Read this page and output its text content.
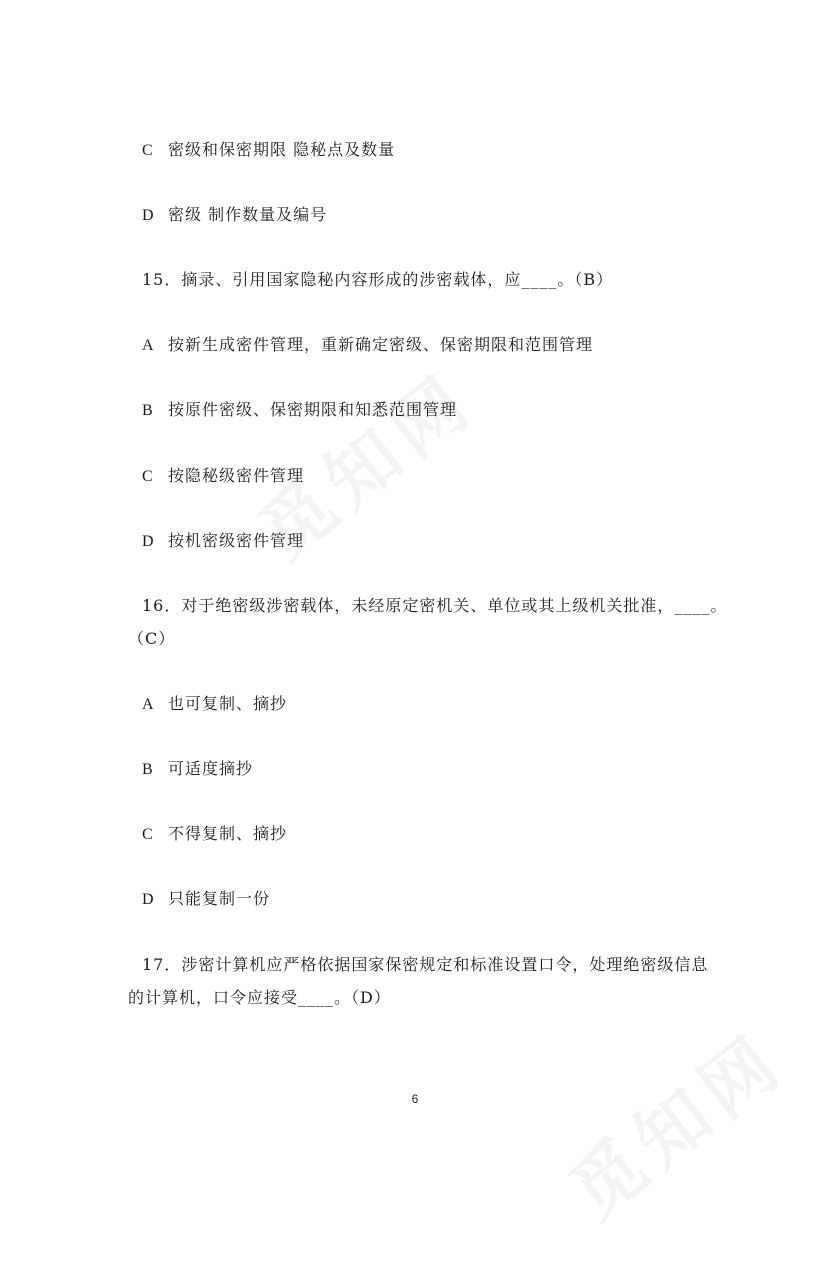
C 密级和保密期限 隐秘点及数量
D 密级 制作数量及编号
15．摘录、引用国家隐秘内容形成的涉密载体，应____。（B）
A 按新生成密件管理，重新确定密级、保密期限和范围管理
B 按原件密级、保密期限和知悉范围管理
C 按隐秘级密件管理
D 按机密级密件管理
16．对于绝密级涉密载体，未经原定密机关、单位或其上级机关批准，____。
（C）
A 也可复制、摘抄
B 可适度摘抄
C 不得复制、摘抄
D 只能复制一份
17．涉密计算机应严格依据国家保密规定和标准设置口令，处理绝密级信息
的计算机，口令应接受____。（D）
6
